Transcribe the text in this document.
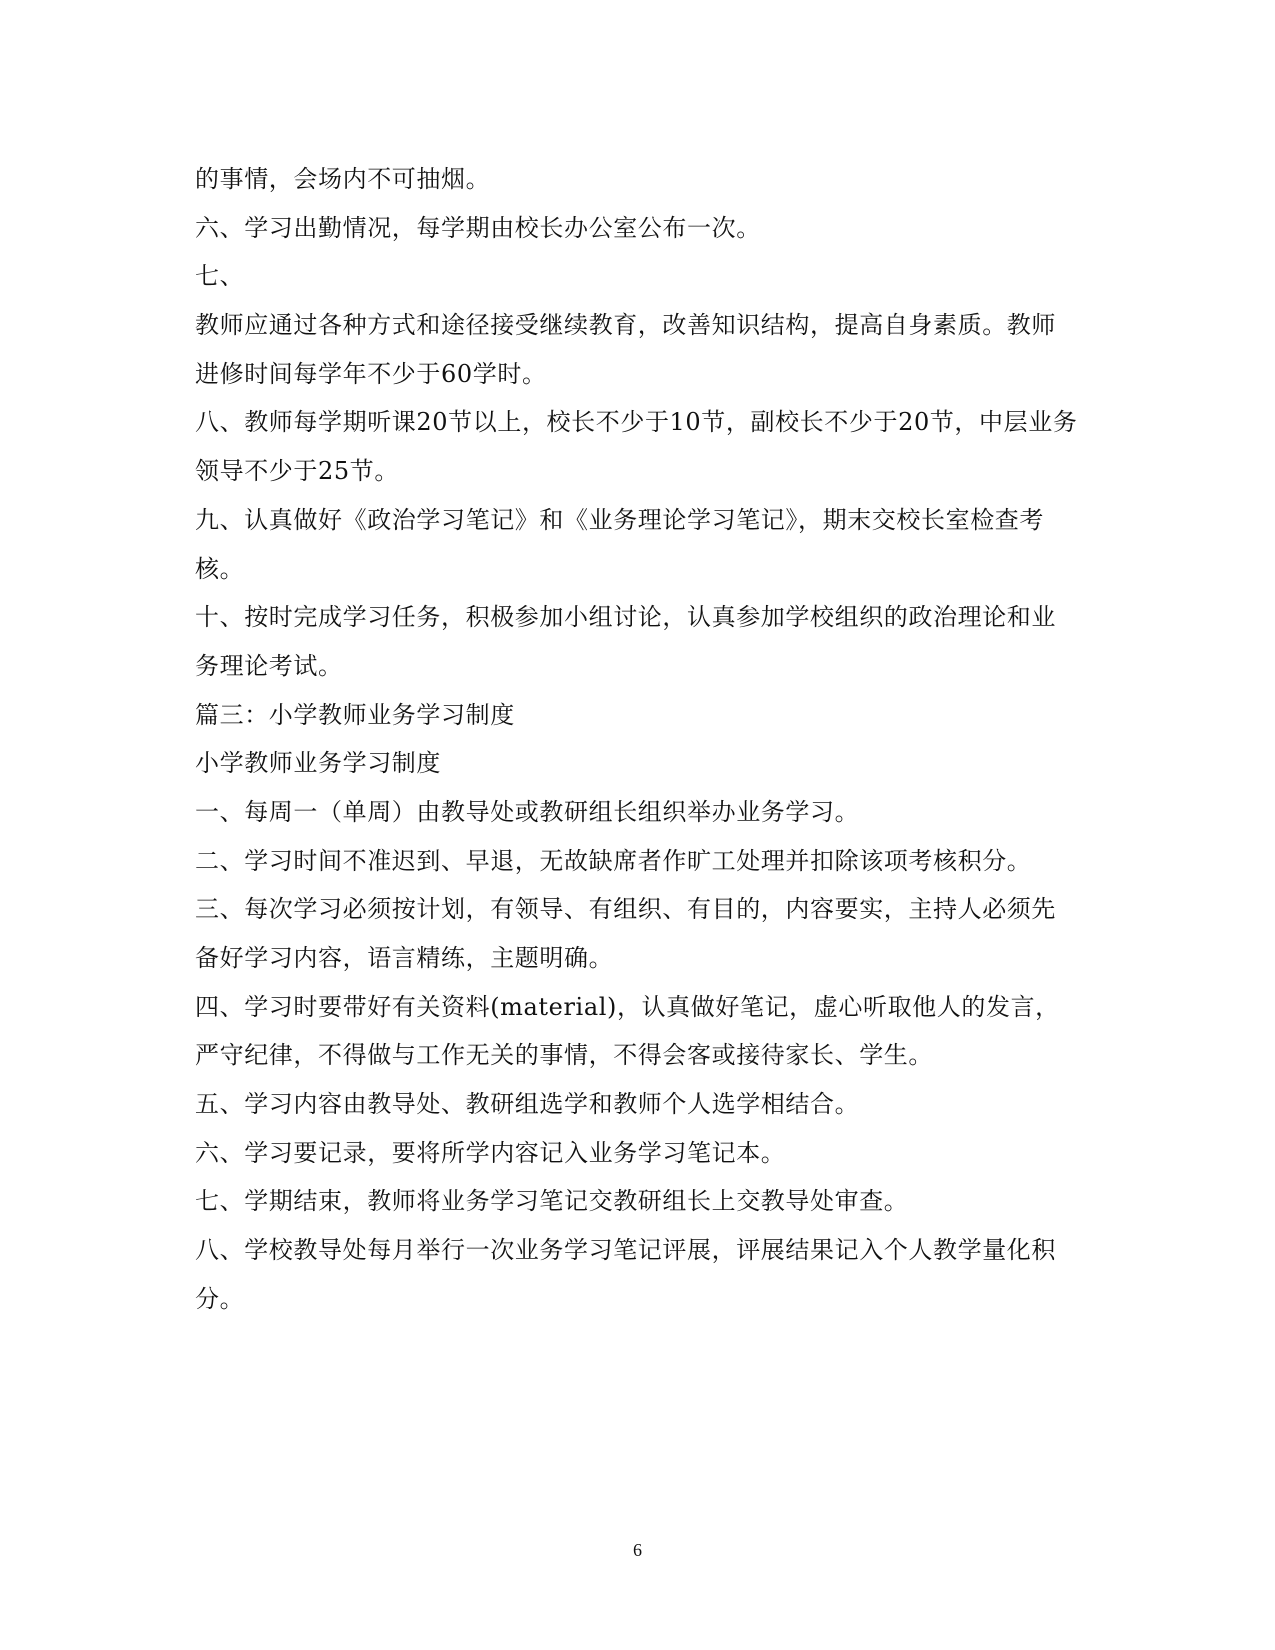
的事情，会场内不可抽烟。
六、学习出勤情况，每学期由校长办公室公布一次。
七、
教师应通过各种方式和途径接受继续教育，改善知识结构，提高自身素质。教师
进修时间每学年不少于60学时。
八、教师每学期听课20节以上，校长不少于10节，副校长不少于20节，中层业务
领导不少于25节。
九、认真做好《政治学习笔记》和《业务理论学习笔记》，期末交校长室检查考
核。
十、按时完成学习任务，积极参加小组讨论，认真参加学校组织的政治理论和业
务理论考试。
篇三：小学教师业务学习制度
小学教师业务学习制度
一、每周一（单周）由教导处或教研组长组织举办业务学习。
二、学习时间不准迟到、早退，无故缺席者作旷工处理并扣除该项考核积分。
三、每次学习必须按计划，有领导、有组织、有目的，内容要实，主持人必须先
备好学习内容，语言精练，主题明确。
四、学习时要带好有关资料(material)，认真做好笔记，虚心听取他人的发言，
严守纪律，不得做与工作无关的事情，不得会客或接待家长、学生。
五、学习内容由教导处、教研组选学和教师个人选学相结合。
六、学习要记录，要将所学内容记入业务学习笔记本。
七、学期结束，教师将业务学习笔记交教研组长上交教导处审查。
八、学校教导处每月举行一次业务学习笔记评展，评展结果记入个人教学量化积
分。
6
